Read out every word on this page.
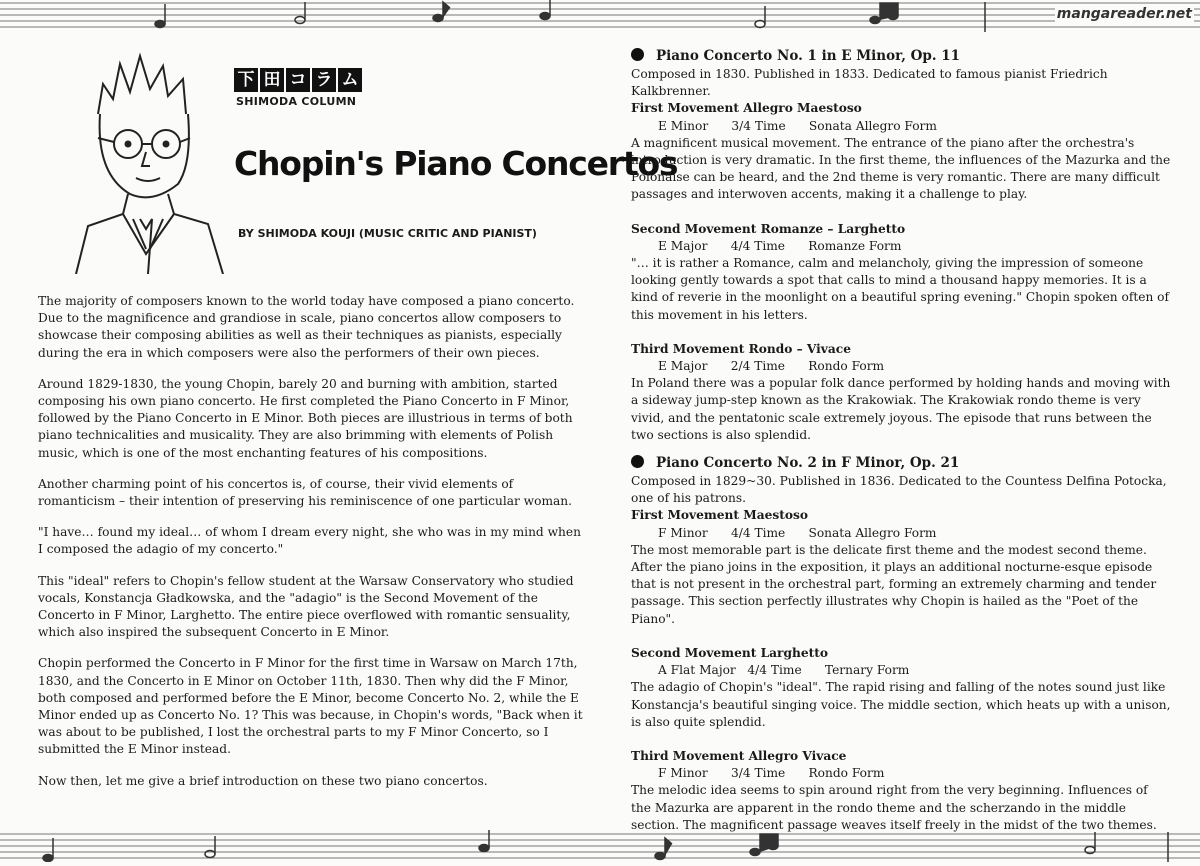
mangareader.net
下 田 コ ラ ム
SHIMODA COLUMN
Chopin's Piano Concertos
BY SHIMODA KOUJI (MUSIC CRITIC AND PIANIST)

The majority of composers known to the world today have composed a piano concerto. Due to the magnificence and grandiose in scale, piano concertos allow composers to showcase their composing abilities as well as their techniques as pianists, especially during the era in which composers were also the performers of their own pieces.

Around 1829-1830, the young Chopin, barely 20 and burning with ambition, started composing his own piano concerto. He first completed the Piano Concerto in F Minor, followed by the Piano Concerto in E Minor. Both pieces are illustrious in terms of both piano technicalities and musicality. They are also brimming with elements of Polish music, which is one of the most enchanting features of his compositions.

Another charming point of his concertos is, of course, their vivid elements of romanticism – their intention of preserving his reminiscence of one particular woman.

"I have… found my ideal… of whom I dream every night, she who was in my mind when I composed the adagio of my concerto."

This "ideal" refers to Chopin's fellow student at the Warsaw Conservatory who studied vocals, Konstancja Gładkowska, and the "adagio" is the Second Movement of the Concerto in F Minor, Larghetto. The entire piece overflowed with romantic sensuality, which also inspired the subsequent Concerto in E Minor.

Chopin performed the Concerto in F Minor for the first time in Warsaw on March 17th, 1830, and the Concerto in E Minor on October 11th, 1830. Then why did the F Minor, both composed and performed before the E Minor, become Concerto No. 2, while the E Minor ended up as Concerto No. 1? This was because, in Chopin's words, "Back when it was about to be published, I lost the orchestral parts to my F Minor Concerto, so I submitted the E Minor instead.

Now then, let me give a brief introduction on these two piano concertos.

Piano Concerto No. 1 in E Minor, Op. 11

Composed in 1830. Published in 1833. Dedicated to famous pianist Friedrich Kalkbrenner.

First Movement Allegro Maestoso

E Minor      3/4 Time      Sonata Allegro Form

A magnificent musical movement. The entrance of the piano after the orchestra's introduction is very dramatic. In the first theme, the influences of the Mazurka and the Polonaise can be heard, and the 2nd theme is very romantic. There are many difficult passages and interwoven accents, making it a challenge to play.

Second Movement Romanze – Larghetto

E Major      4/4 Time      Romanze Form

"… it is rather a Romance, calm and melancholy, giving the impression of someone looking gently towards a spot that calls to mind a thousand happy memories. It is a kind of reverie in the moonlight on a beautiful spring evening." Chopin spoken often of this movement in his letters.

Third Movement Rondo – Vivace

E Major      2/4 Time      Rondo Form

In Poland there was a popular folk dance performed by holding hands and moving with a sideway jump-step known as the Krakowiak. The Krakowiak rondo theme is very vivid, and the pentatonic scale extremely joyous. The episode that runs between the two sections is also splendid.

Piano Concerto No. 2 in F Minor, Op. 21

Composed in 1829~30. Published in 1836. Dedicated to the Countess Delfina Potocka, one of his patrons.

First Movement Maestoso

F Minor      4/4 Time      Sonata Allegro Form

The most memorable part is the delicate first theme and the modest second theme. After the piano joins in the exposition, it plays an additional nocturne-esque episode that is not present in the orchestral part, forming an extremely charming and tender passage. This section perfectly illustrates why Chopin is hailed as the "Poet of the Piano".

Second Movement Larghetto

A Flat Major   4/4 Time      Ternary Form

The adagio of Chopin's "ideal". The rapid rising and falling of the notes sound just like Konstancja's beautiful singing voice. The middle section, which heats up with a unison, is also quite splendid.

Third Movement Allegro Vivace

F Minor      3/4 Time      Rondo Form

The melodic idea seems to spin around right from the very beginning. Influences of the Mazurka are apparent in the rondo theme and the scherzando in the middle section. The magnificent passage weaves itself freely in the midst of the two themes.
